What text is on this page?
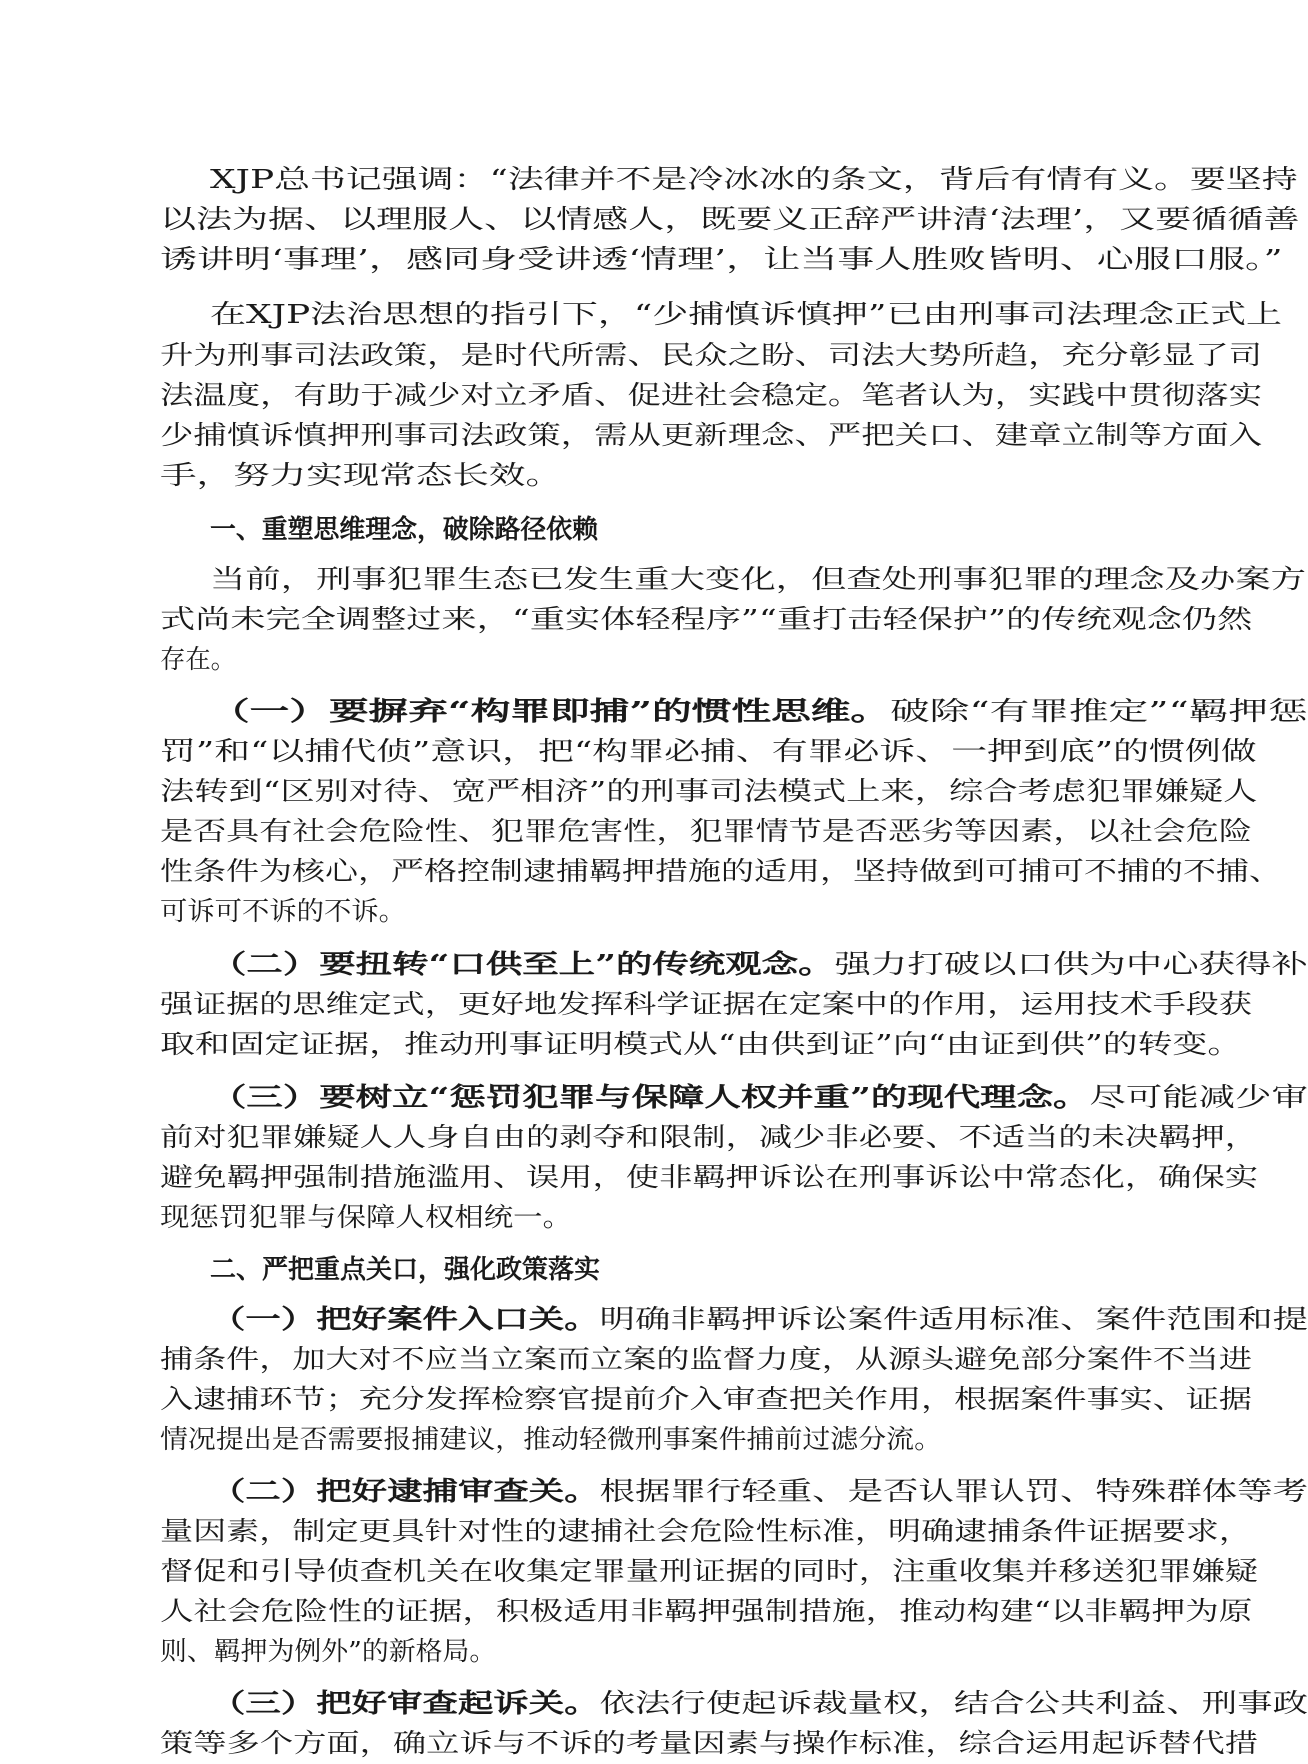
XJP总书记强调：“法律并不是冷冰冰的条文，背后有情有义。要坚持
以法为据、以理服人、以情感人，既要义正辞严讲清‘法理’，又要循循善
诱讲明‘事理’，感同身受讲透‘情理’，让当事人胜败皆明、心服口服。”
在XJP法治思想的指引下，“少捕慎诉慎押”已由刑事司法理念正式上
升为刑事司法政策，是时代所需、民众之盼、司法大势所趋，充分彰显了司
法温度，有助于减少对立矛盾、促进社会稳定。笔者认为，实践中贯彻落实
少捕慎诉慎押刑事司法政策，需从更新理念、严把关口、建章立制等方面入
手，努力实现常态长效。
一、重塑思维理念，破除路径依赖
当前，刑事犯罪生态已发生重大变化，但查处刑事犯罪的理念及办案方
式尚未完全调整过来，“重实体轻程序”“重打击轻保护”的传统观念仍然
存在。
（一）要摒弃“构罪即捕”的惯性思维。破除“有罪推定”“羁押惩
罚”和“以捕代侦”意识，把“构罪必捕、有罪必诉、一押到底”的惯例做
法转到“区别对待、宽严相济”的刑事司法模式上来，综合考虑犯罪嫌疑人
是否具有社会危险性、犯罪危害性，犯罪情节是否恶劣等因素，以社会危险
性条件为核心，严格控制逮捕羁押措施的适用，坚持做到可捕可不捕的不捕、
可诉可不诉的不诉。
（二）要扭转“口供至上”的传统观念。强力打破以口供为中心获得补
强证据的思维定式，更好地发挥科学证据在定案中的作用，运用技术手段获
取和固定证据，推动刑事证明模式从“由供到证”向“由证到供”的转变。
（三）要树立“惩罚犯罪与保障人权并重”的现代理念。尽可能减少审
前对犯罪嫌疑人人身自由的剥夺和限制，减少非必要、不适当的未决羁押，
避免羁押强制措施滥用、误用，使非羁押诉讼在刑事诉讼中常态化，确保实
现惩罚犯罪与保障人权相统一。
二、严把重点关口，强化政策落实
（一）把好案件入口关。明确非羁押诉讼案件适用标准、案件范围和提
捕条件，加大对不应当立案而立案的监督力度，从源头避免部分案件不当进
入逮捕环节；充分发挥检察官提前介入审查把关作用，根据案件事实、证据
情况提出是否需要报捕建议，推动轻微刑事案件捕前过滤分流。
（二）把好逮捕审查关。根据罪行轻重、是否认罪认罚、特殊群体等考
量因素，制定更具针对性的逮捕社会危险性标准，明确逮捕条件证据要求，
督促和引导侦查机关在收集定罪量刑证据的同时，注重收集并移送犯罪嫌疑
人社会危险性的证据，积极适用非羁押强制措施，推动构建“以非羁押为原
则、羁押为例外”的新格局。
（三）把好审查起诉关。依法行使起诉裁量权，结合公共利益、刑事政
策等多个方面，确立诉与不诉的考量因素与操作标准，综合运用起诉替代措
